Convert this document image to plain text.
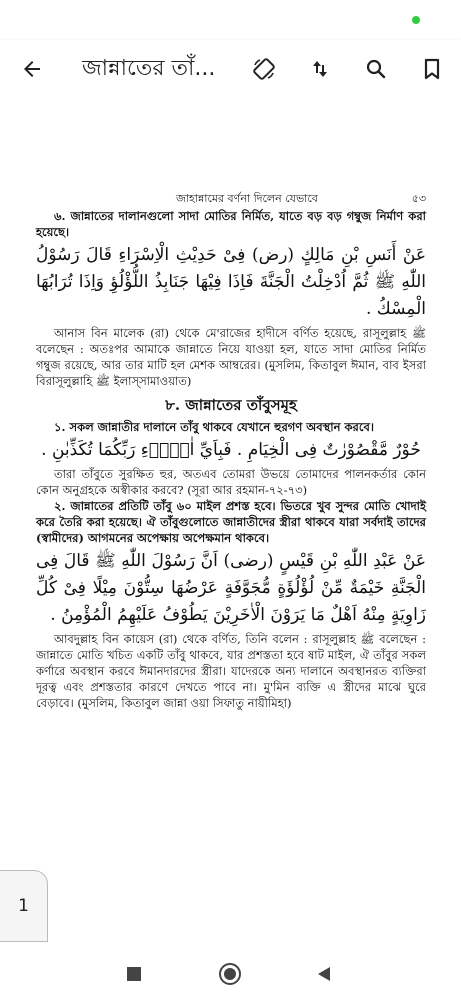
জান্নাতের তাঁ...
জাহান্নামের বর্ণনা দিলেন যেভাবে	৫৩

৬. জান্নাতের দালানগুলো সাদা মোতির নির্মিত, যাতে বড় বড় গম্বুজ নির্মাণ করা হয়েছে।

عَنْ أَنَسِ بْنِ مَالِكٍ (رض) فِىْ حَدِيْثِ الْاِسْرَاءِ قَالَ رَسُوْلُ اللّٰهِ ﷺ ثُمَّ اُدْخِلْتُ الْجَنَّةَ فَاِذَا فِيْهَا جَنَابِذُ اللُّؤْلُؤِ وَاِذَا تُرَابُهَا الْمِسْكُ .

আনাস বিন মালেক (রা) থেকে মে'রাজের হাদীসে বর্ণিত হয়েছে, রাসূলুল্লাহ ﷺ বলেছেন : অতঃপর আমাকে জান্নাতে নিয়ে যাওয়া হল, যাতে সাদা মোতির নির্মিত গম্বুজ রয়েছে, আর তার মাটি হল মেশক আম্বরের। (মুসলিম, কিতাবুল ঈমান, বাব ইসরা বিরাসূলুল্লাহি ﷺ ইলাস্সামাওয়াত)

৮. জান্নাতের তাঁবুসমূহ

১. সকল জান্নাতীর দালানে তাঁবু থাকবে যেখানে হুরগণ অবস্থান করবে।

حُوْرٌ مَّقْصُوْرٰتٌ فِى الْخِيَامِ . فَبِاَيِّ اٰلَاۤءِ رَبِّكُمَا تُكَذِّبٰنِ .

তারা তাঁবুতে সুরক্ষিত হুর, অতএব তোমরা উভয়ে তোমাদের পালনকর্তার কোন কোন অনুগ্রহকে অস্বীকার করবে? (সূরা আর রহমান-৭২-৭৩)

২. জান্নাতের প্রতিটি তাঁবু ৬০ মাইল প্রশস্ত হবে। ভিতরে খুব সুন্দর মোতি খোদাই করে তৈরি করা হয়েছে। ঐ তাঁবুগুলোতে জান্নাতীদের স্ত্রীরা থাকবে যারা সর্বদাই তাদের (স্বামীদের) আগমনের অপেক্ষায় অপেক্ষমান থাকবে।

عَنْ عَبْدِ اللّٰهِ بْنِ قَيْسٍ (رضى) اَنَّ رَسُوْلَ اللّٰهِ ﷺ قَالَ فِى الْجَنَّةِ خَيْمَةٌ مِّنْ لُؤْلُؤَةٍ مُّجَوَّفَةٍ عَرْضُهَا سِتُّوْنَ مِيْلًا فِىْ كُلِّ زَاوِيَةٍ مِنْهُ اَهْلٌ مَا يَرَوْنَ الْاٰخَرِيْنَ يَطُوْفُ عَلَيْهِمُ الْمُؤْمِنُ .

আবদুল্লাহ বিন কায়েস (রা) থেকে বর্ণিত, তিনি বলেন : রাসূলুল্লাহ ﷺ বলেছেন : জান্নাতে মোতি খচিত একটি তাঁবু থাকবে, যার প্রশস্ততা হবে ষাট মাইল, ঐ তাঁবুর সকল কর্ণারে অবস্থান করবে ঈমানদারদের স্ত্রীরা। যাদেরকে অন্য দালানে অবস্থানরত ব্যক্তিরা দূরত্ব এবং প্রশস্ততার কারণে দেখতে পাবে না। মু'মিন ব্যক্তি এ স্ত্রীদের মাঝে ঘুরে বেড়াবে। (মুসলিম, কিতাবুল জান্না ওয়া সিফাতু নায়ীমিহা)

1
